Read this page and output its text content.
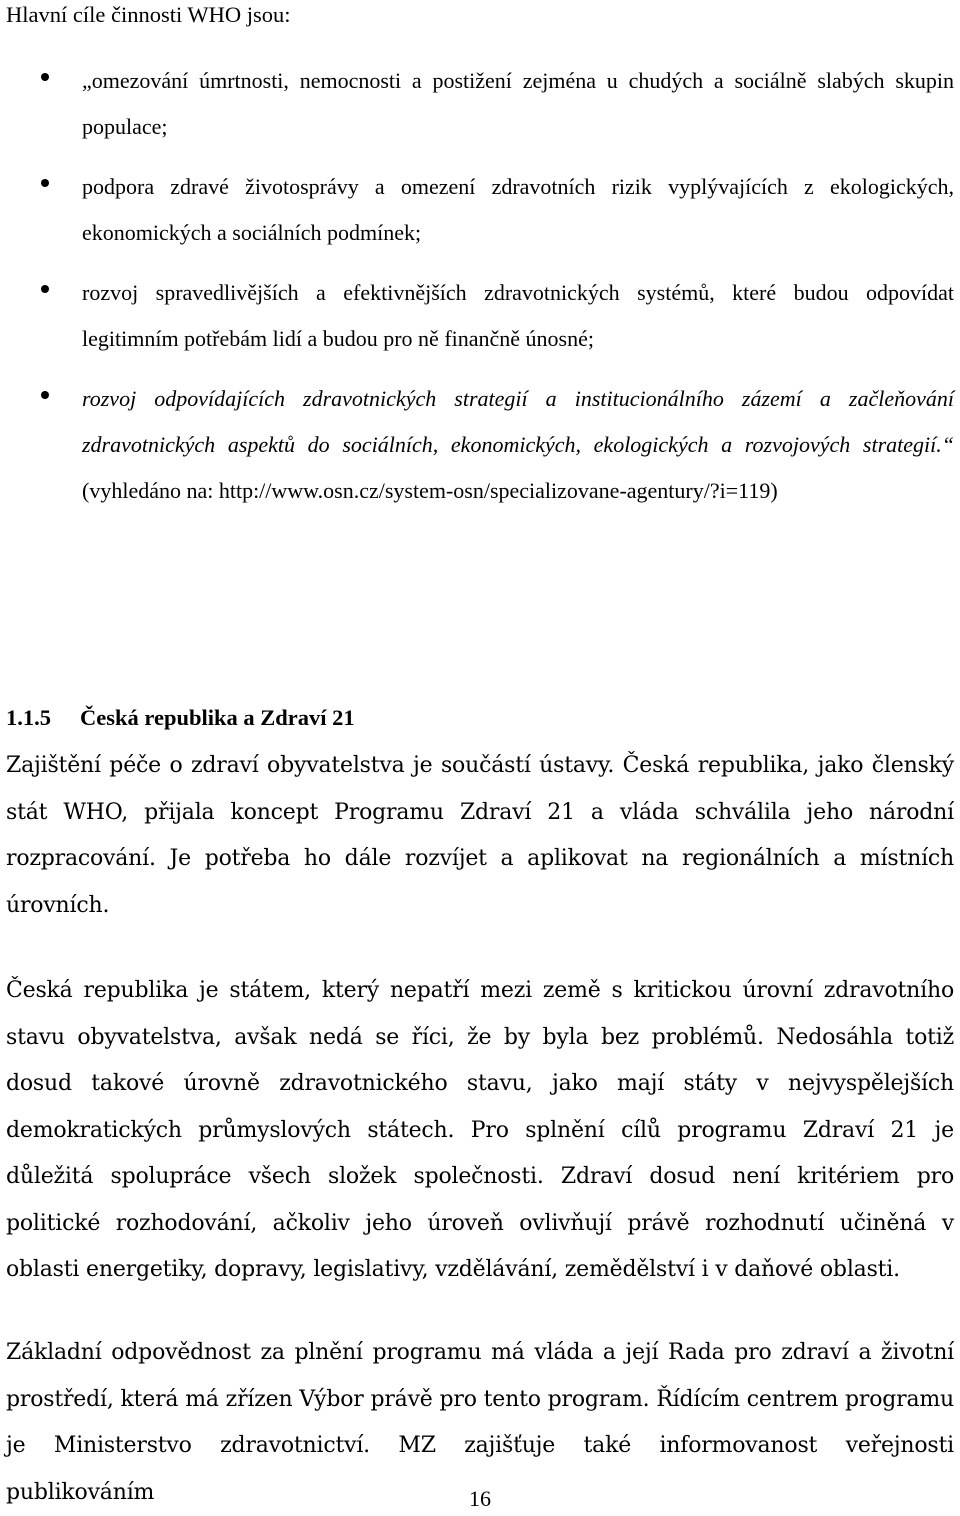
Hlavní cíle činnosti WHO jsou:
„omezování úmrtnosti, nemocnosti a postižení zejména u chudých a sociálně slabých skupin populace;
podpora zdravé životosprávy a omezení zdravotních rizik vyplývajících z ekologických, ekonomických a sociálních podmínek;
rozvoj spravedlivějších a efektivnějších zdravotnických systémů, které budou odpovídat legitimním potřebám lidí a budou pro ně finančně únosné;
rozvoj odpovídajících zdravotnických strategií a institucionálního zázemí a začleňování zdravotnických aspektů do sociálních, ekonomických, ekologických a rozvojových strategií.“ (vyhledáno na: http://www.osn.cz/system-osn/specializovane-agentury/?i=119)
1.1.5 Česká republika a Zdraví 21
Zajištění péče o zdraví obyvatelstva je součástí ústavy. Česká republika, jako členský stát WHO, přijala koncept Programu Zdraví 21 a vláda schválila jeho národní rozpracování. Je potřeba ho dále rozvíjet a aplikovat na regionálních a místních úrovních.
Česká republika je státem, který nepatří mezi země s kritickou úrovní zdravotního stavu obyvatelstva, avšak nedá se říci, že by byla bez problémů. Nedosáhla totiž dosud takové úrovně zdravotnického stavu, jako mají státy v nejvyspělejších demokratických průmyslových státech. Pro splnění cílů programu Zdraví 21 je důležitá spolupráce všech složek společnosti. Zdraví dosud není kritériem pro politické rozhodování, ačkoliv jeho úroveň ovlivňují právě rozhodnutí učiněná v oblasti energetiky, dopravy, legislativy, vzdělávání, zemědělství i v daňové oblasti.
Základní odpovědnost za plnění programu má vláda a její Rada pro zdraví a životní prostředí, která má zřízen Výbor právě pro tento program. Řídícím centrem programu je Ministerstvo zdravotnictví. MZ zajišťuje také informovanost veřejnosti publikováním	16
